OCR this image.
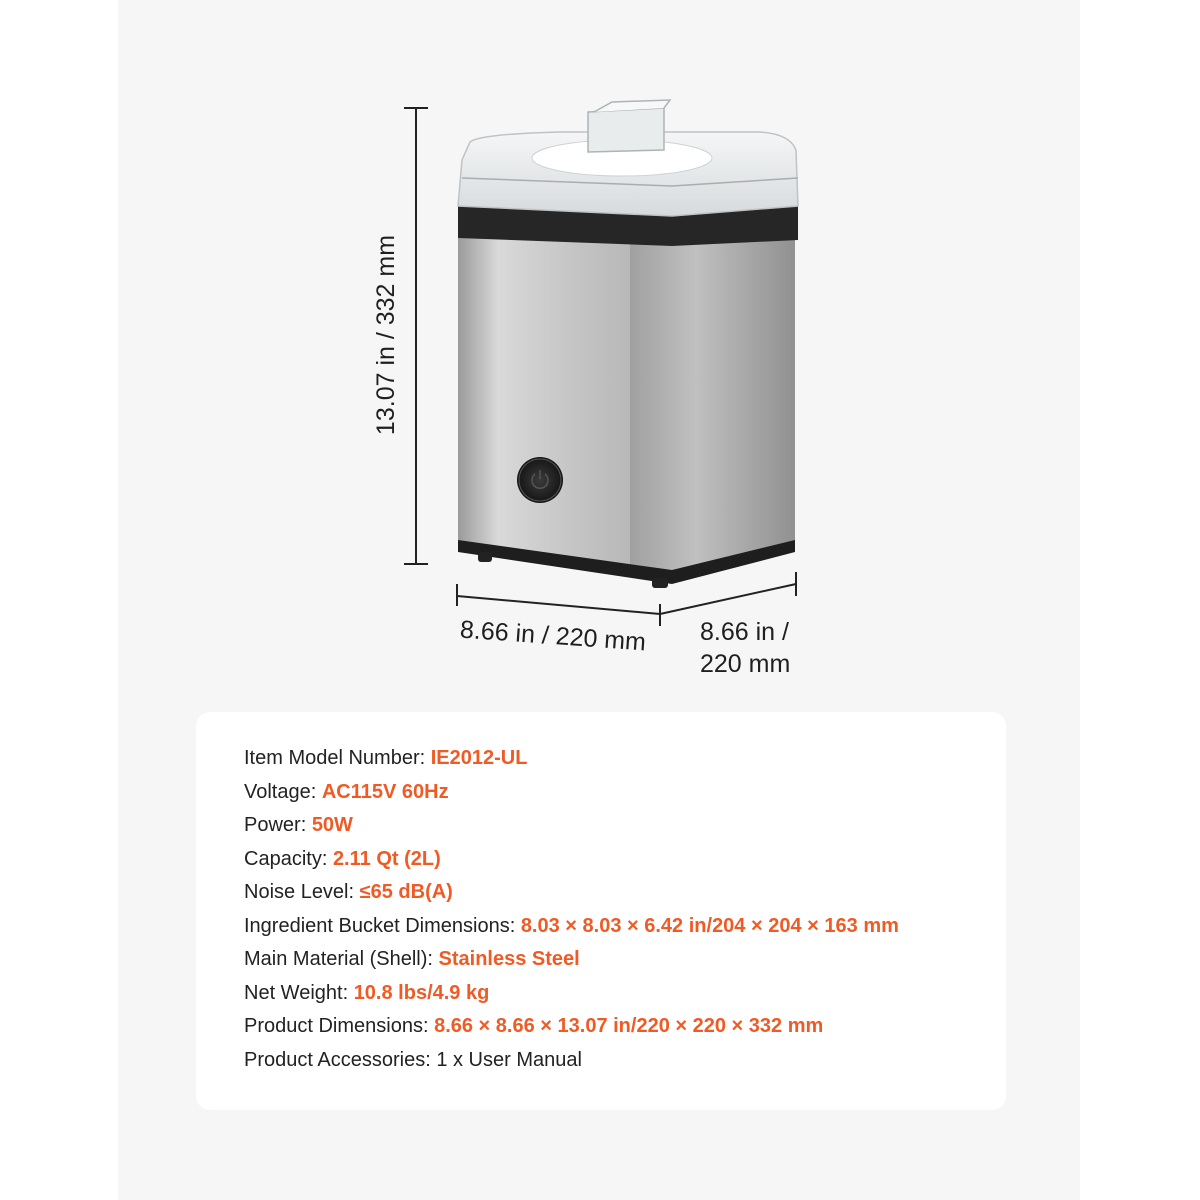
13.07 in / 332 mm
8.66 in / 220 mm 8.66 in /
220 mm
Item Model Number: IE2012-UL
Voltage: AC115V 60Hz
Power: 50W
Capacity: 2.11 Qt (2L)
Noise Level: ≤65 dB(A)
Ingredient Bucket Dimensions: 8.03 × 8.03 × 6.42 in/204 × 204 × 163 mm
Main Material (Shell): Stainless Steel
Net Weight: 10.8 lbs/4.9 kg
Product Dimensions: 8.66 × 8.66 × 13.07 in/220 × 220 × 332 mm
Product Accessories: 1 x User Manual
